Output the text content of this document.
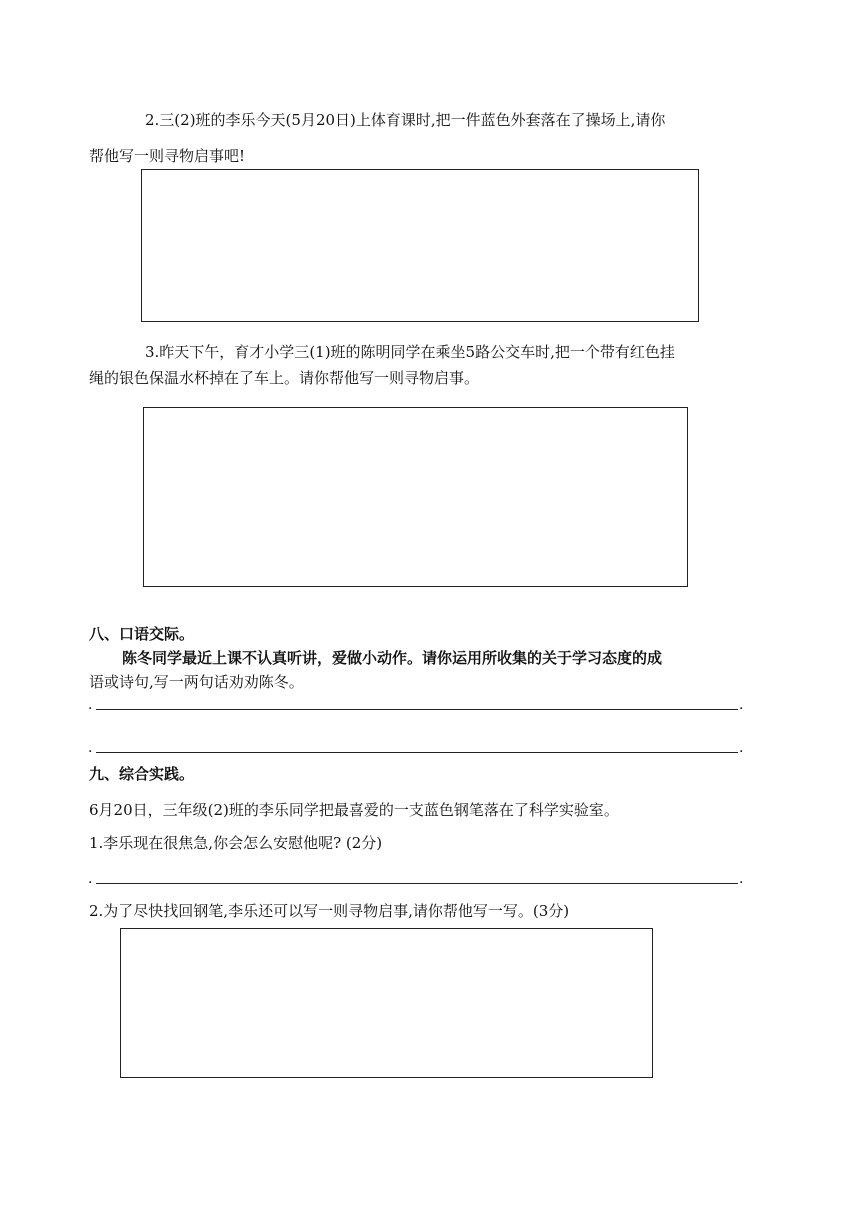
2.三(2)班的李乐今天(5月20日)上体育课时,把一件蓝色外套落在了操场上,请你
帮他写一则寻物启事吧!
3.昨天下午，育才小学三(1)班的陈明同学在乘坐5路公交车时,把一个带有红色挂
绳的银色保温水杯掉在了车上。请你帮他写一则寻物启事。
八、口语交际。
陈冬同学最近上课不认真听讲，爱做小动作。请你运用所收集的关于学习态度的成
语或诗句,写一两句话劝劝陈冬。
.	.
.	.
九、综合实践。
6月20日，三年级(2)班的李乐同学把最喜爱的一支蓝色钢笔落在了科学实验室。
1.李乐现在很焦急,你会怎么安慰他呢? (2分)
.	.
2.为了尽快找回钢笔,李乐还可以写一则寻物启事,请你帮他写一写。(3分)
